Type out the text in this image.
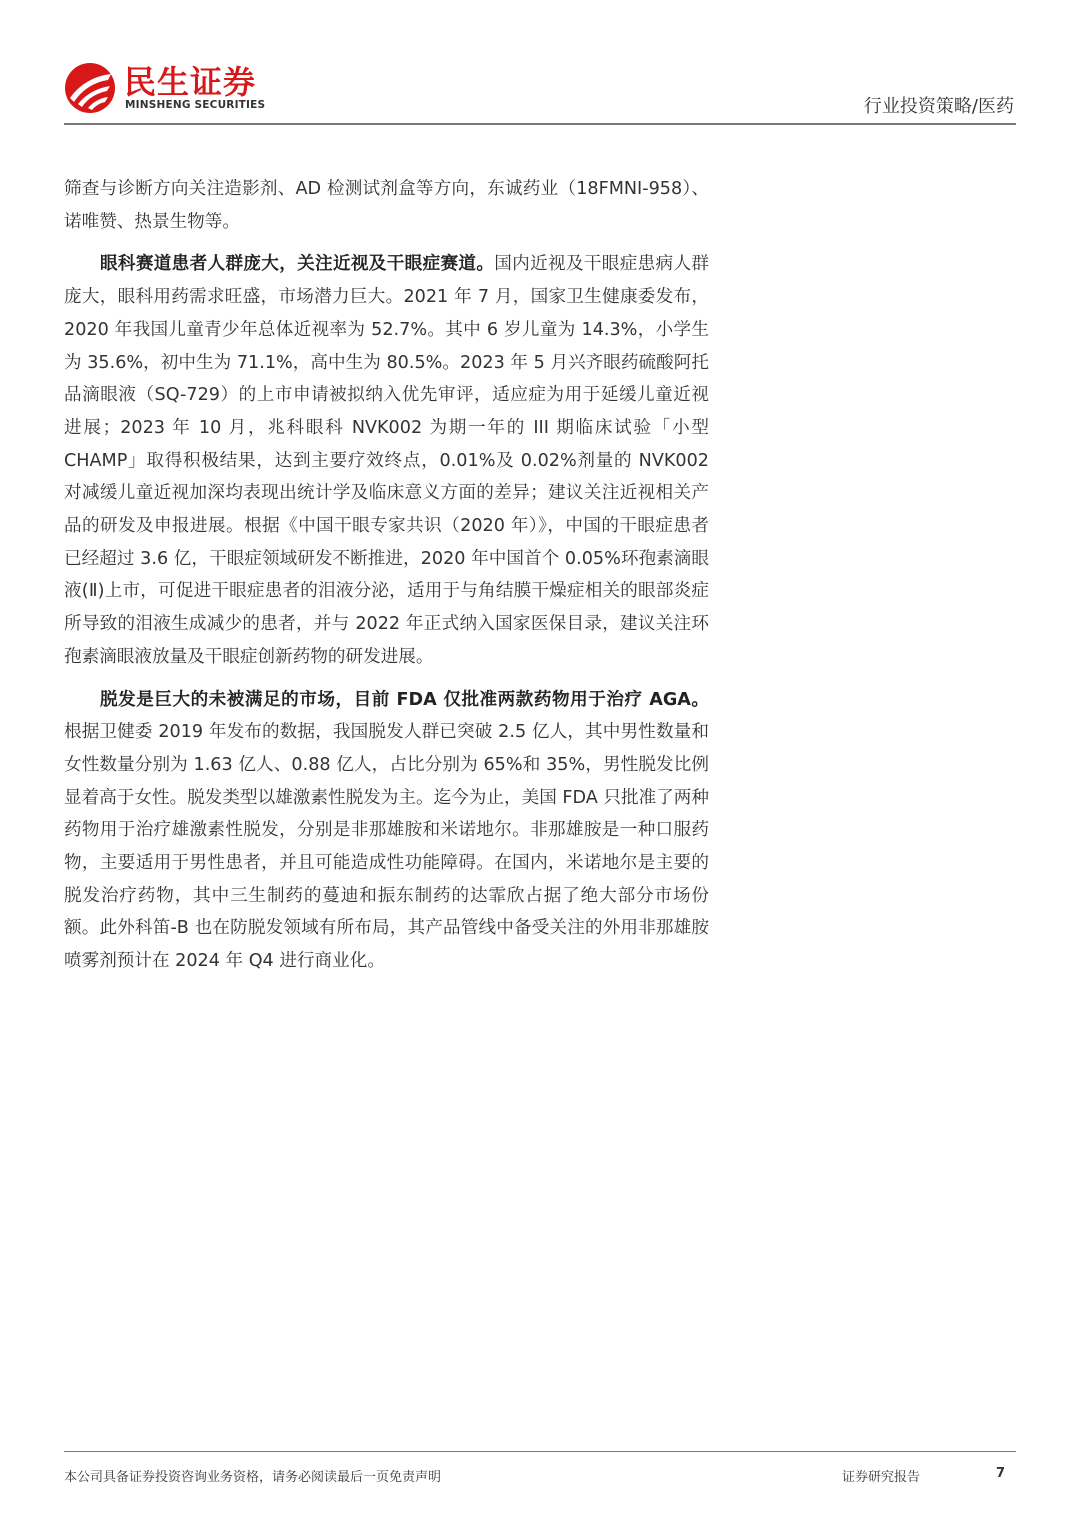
民生证券
MINSHENG SECURITIES	行业投资策略/医药

筛查与诊断方向关注造影剂、AD 检测试剂盒等方向，东诚药业（18FMNI-958）、诺唯赞、热景生物等。

眼科赛道患者人群庞大，关注近视及干眼症赛道。国内近视及干眼症患病人群庞大，眼科用药需求旺盛，市场潜力巨大。2021 年 7 月，国家卫生健康委发布，2020 年我国儿童青少年总体近视率为 52.7%。其中 6 岁儿童为 14.3%，小学生为 35.6%，初中生为 71.1%，高中生为 80.5%。2023 年 5 月兴齐眼药硫酸阿托品滴眼液（SQ-729）的上市申请被拟纳入优先审评，适应症为用于延缓儿童近视进展；2023 年 10 月，兆科眼科 NVK002 为期一年的 III 期临床试验「小型 CHAMP」取得积极结果，达到主要疗效终点，0.01%及 0.02%剂量的 NVK002 对减缓儿童近视加深均表现出统计学及临床意义方面的差异；建议关注近视相关产品的研发及申报进展。根据《中国干眼专家共识（2020 年）》，中国的干眼症患者已经超过 3.6 亿，干眼症领域研发不断推进，2020 年中国首个 0.05%环孢素滴眼液(Ⅱ)上市，可促进干眼症患者的泪液分泌，适用于与角结膜干燥症相关的眼部炎症所导致的泪液生成减少的患者，并与 2022 年正式纳入国家医保目录，建议关注环孢素滴眼液放量及干眼症创新药物的研发进展。

脱发是巨大的未被满足的市场，目前 FDA 仅批准两款药物用于治疗 AGA。根据卫健委 2019 年发布的数据，我国脱发人群已突破 2.5 亿人，其中男性数量和女性数量分别为 1.63 亿人、0.88 亿人，占比分别为 65%和 35%，男性脱发比例显着高于女性。脱发类型以雄激素性脱发为主。迄今为止，美国 FDA 只批准了两种药物用于治疗雄激素性脱发，分别是非那雄胺和米诺地尔。非那雄胺是一种口服药物，主要适用于男性患者，并且可能造成性功能障碍。在国内，米诺地尔是主要的脱发治疗药物，其中三生制药的蔓迪和振东制药的达霏欣占据了绝大部分市场份额。此外科笛-B 也在防脱发领域有所布局，其产品管线中备受关注的外用非那雄胺喷雾剂预计在 2024 年 Q4 进行商业化。

本公司具备证券投资咨询业务资格，请务必阅读最后一页免责声明	证券研究报告	7
